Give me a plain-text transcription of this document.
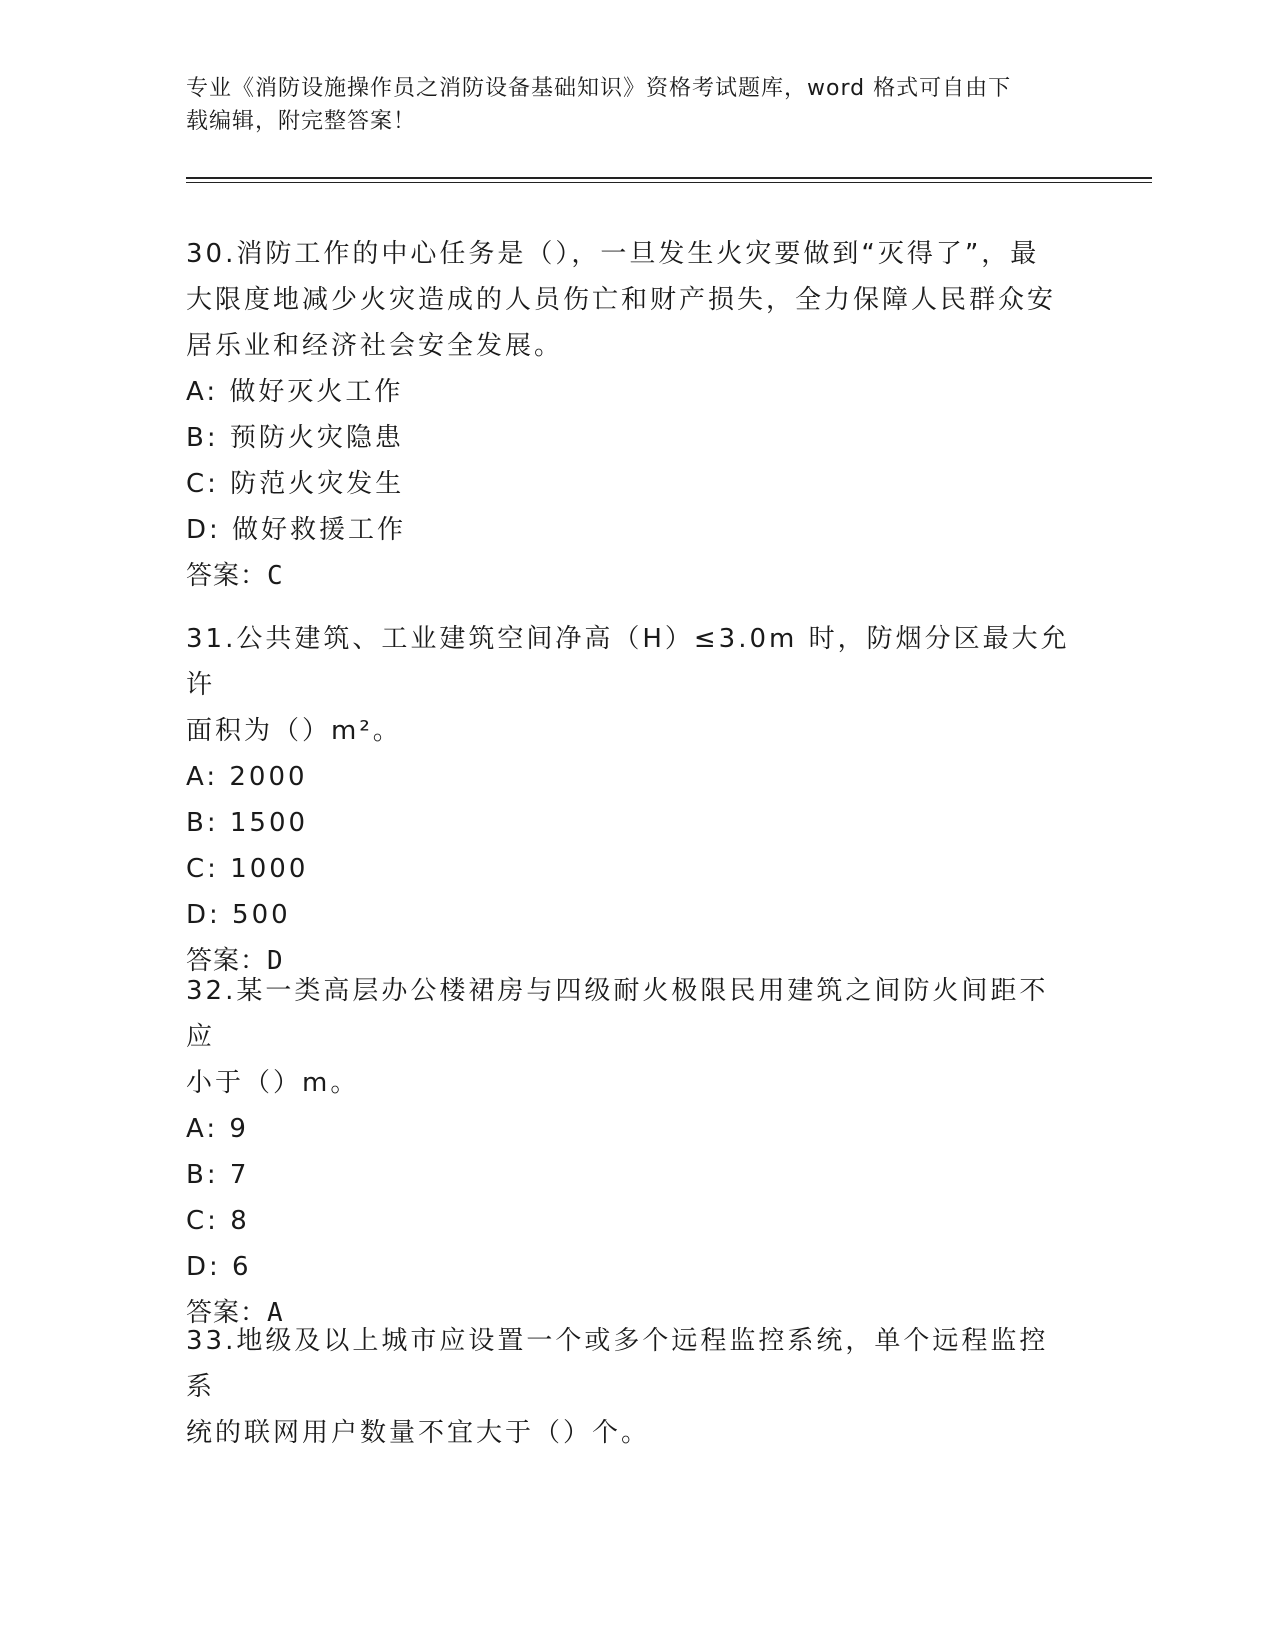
专业《消防设施操作员之消防设备基础知识》资格考试题库，word 格式可自由下
载编辑，附完整答案！

30.消防工作的中心任务是（），一旦发生火灾要做到“灭得了”，最

大限度地减少火灾造成的人员伤亡和财产损失，全力保障人民群众安

居乐业和经济社会安全发展。

A: 做好灭火工作

B: 预防火灾隐患

C: 防范火灾发生

D: 做好救援工作

答案：C

31.公共建筑、工业建筑空间净高（H）≤3.0m 时，防烟分区最大允许

面积为（）m²。

A: 2000

B: 1500

C: 1000

D: 500

答案：D

32.某一类高层办公楼裙房与四级耐火极限民用建筑之间防火间距不应

小于（）m。

A: 9

B: 7

C: 8

D: 6

答案：A

33.地级及以上城市应设置一个或多个远程监控系统，单个远程监控系

统的联网用户数量不宜大于（）个。
